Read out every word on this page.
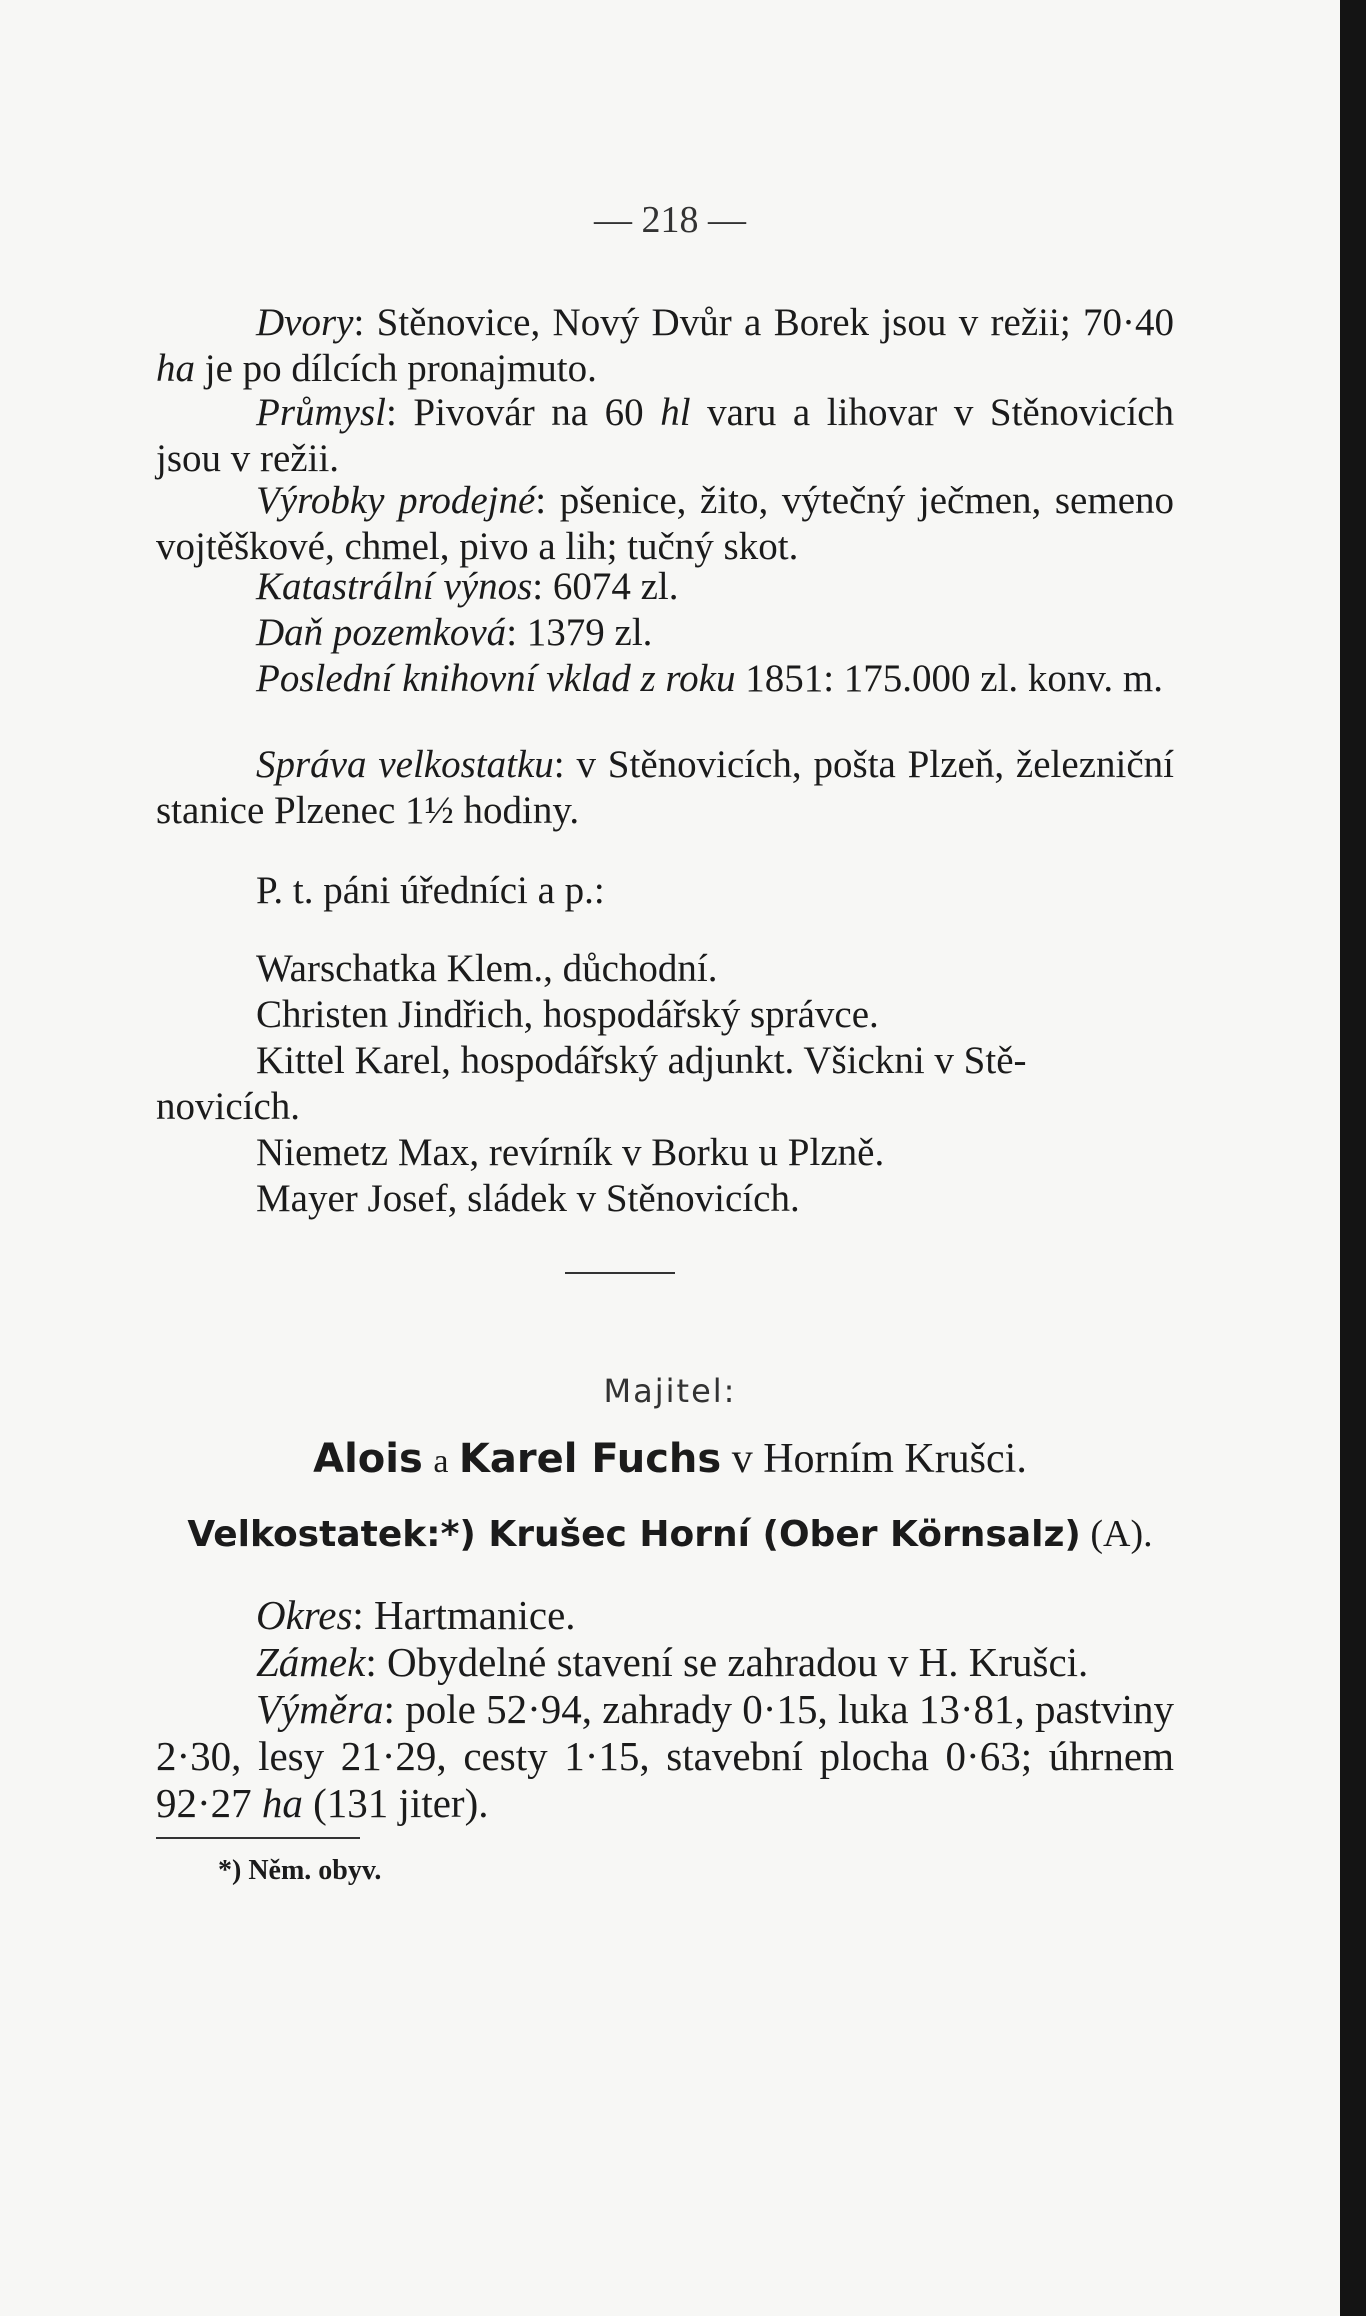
— 218 —
Dvory: Stěnovice, Nový Dvůr a Borek jsou v režii; 70·40 ha je po dílcích pronajmuto.
Průmysl: Pivovár na 60 hl varu a lihovar v Stěnovicích jsou v režii.
Výrobky prodejné: pšenice, žito, výtečný ječmen, semeno vojtěškové, chmel, pivo a lih; tučný skot.
Katastrální výnos: 6074 zl.
Daň pozemková: 1379 zl.
Poslední knihovní vklad z roku 1851: 175.000 zl. konv. m.
Správa velkostatku: v Stěnovicích, pošta Plzeň, železniční stanice Plzenec 1½ hodiny.
P. t. páni úředníci a p.:
Warschatka Klem., důchodní.
Christen Jindřich, hospodářský správce.
Kittel Karel, hospodářský adjunkt. Všickni v Stě-
novicích.
Niemetz Max, revírník v Borku u Plzně.
Mayer Josef, sládek v Stěnovicích.
Majitel:
Alois a Karel Fuchs v Horním Krušci.
Velkostatek:*) Krušec Horní (Ober Körnsalz) (A).
Okres: Hartmanice.
Zámek: Obydelné stavení se zahradou v H. Krušci.
Výměra: pole 52·94, zahrady 0·15, luka 13·81, pastviny 2·30, lesy 21·29, cesty 1·15, stavební plocha 0·63; úhrnem 92·27 ha (131 jiter).
*) Něm. obyv.
